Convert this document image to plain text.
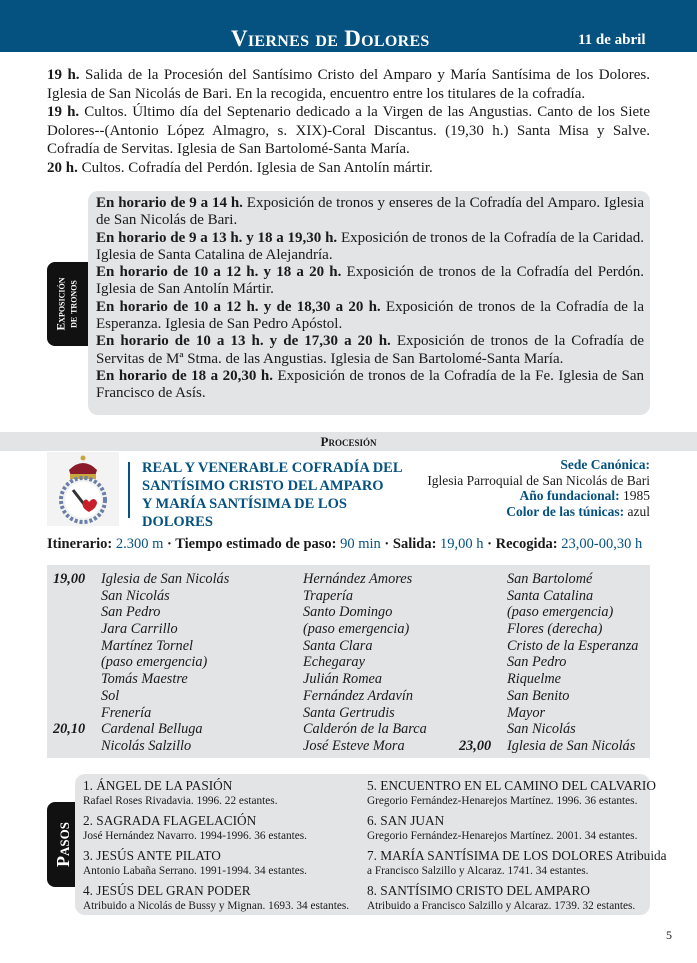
Viernes de Dolores	11 de abril

19 h. Salida de la Procesión del Santísimo Cristo del Amparo y María Santísima de los Dolores. Iglesia de San Nicolás de Bari. En la recogida, encuentro entre los titulares de la cofradía.

19 h. Cultos. Último día del Septenario dedicado a la Virgen de las Angustias. Canto de los Siete Dolores--(Antonio López Almagro, s. XIX)-Coral Discantus. (19,30 h.) Santa Misa y Salve. Cofradía de Servitas. Iglesia de San Bartolomé-Santa María.

20 h. Cultos. Cofradía del Perdón. Iglesia de San Antolín mártir.

Exposición de tronos

En horario de 9 a 14 h. Exposición de tronos y enseres de la Cofradía del Amparo. Iglesia de San Nicolás de Bari.

En horario de 9 a 13 h. y 18 a 19,30 h. Exposición de tronos de la Cofradía de la Caridad. Iglesia de Santa Catalina de Alejandría.

En horario de 10 a 12 h. y 18 a 20 h. Exposición de tronos de la Cofradía del Perdón. Iglesia de San Antolín Mártir.

En horario de 10 a 12 h. y de 18,30 a 20 h. Exposición de tronos de la Cofradía de la Esperanza. Iglesia de San Pedro Apóstol.

En horario de 10 a 13 h. y de 17,30 a 20 h. Exposición de tronos de la Cofradía de Servitas de Mª Stma. de las Angustias. Iglesia de San Bartolomé-Santa María.

En horario de 18 a 20,30 h. Exposición de tronos de la Cofradía de la Fe. Iglesia de San Francisco de Asís.

Procesión
REAL Y VENERABLE COFRADÍA DEL
SANTÍSIMO CRISTO DEL AMPARO
Y MARÍA SANTÍSIMA DE LOS DOLORES
Sede Canónica:
Iglesia Parroquial de San Nicolás de Bari
Año fundacional: 1985
Color de las túnicas: azul
Itinerario: 2.300 m · Tiempo estimado de paso: 90 min · Salida: 19,00 h · Recogida: 23,00-00,30 h
19,00 Iglesia de San Nicolás
San Nicolás
San Pedro
Jara Carrillo
Martínez Tornel
(paso emergencia)
Tomás Maestre
Sol
Frenería
20,10 Cardenal Belluga
Nicolás Salzillo
Hernández Amores
Trapería
Santo Domingo
(paso emergencia)
Santa Clara
Echegaray
Julián Romea
Fernández Ardavín
Santa Gertrudis
Calderón de la Barca
José Esteve Mora
San Bartolomé
Santa Catalina
(paso emergencia)
Flores (derecha)
Cristo de la Esperanza
San Pedro
Riquelme
San Benito
Mayor
San Nicolás
23,00 Iglesia de San Nicolás
Pasos
1. ÁNGEL DE LA PASIÓN
Rafael Roses Rivadavia. 1996. 22 estantes.
2. SAGRADA FLAGELACIÓN
José Hernández Navarro. 1994-1996. 36 estantes.
3. JESÚS ANTE PILATO
Antonio Labaña Serrano. 1991-1994. 34 estantes.
4. JESÚS DEL GRAN PODER
Atribuido a Nicolás de Bussy y Mignan. 1693. 34 estantes.
5. ENCUENTRO EN EL CAMINO DEL CALVARIO
Gregorio Fernández-Henarejos Martínez. 1996. 36 estantes.
6. SAN JUAN
Gregorio Fernández-Henarejos Martínez. 2001. 34 estantes.
7. MARÍA SANTÍSIMA DE LOS DOLORES Atribuida
a Francisco Salzillo y Alcaraz. 1741. 34 estantes.
8. SANTÍSIMO CRISTO DEL AMPARO
Atribuido a Francisco Salzillo y Alcaraz. 1739. 32 estantes.
5
